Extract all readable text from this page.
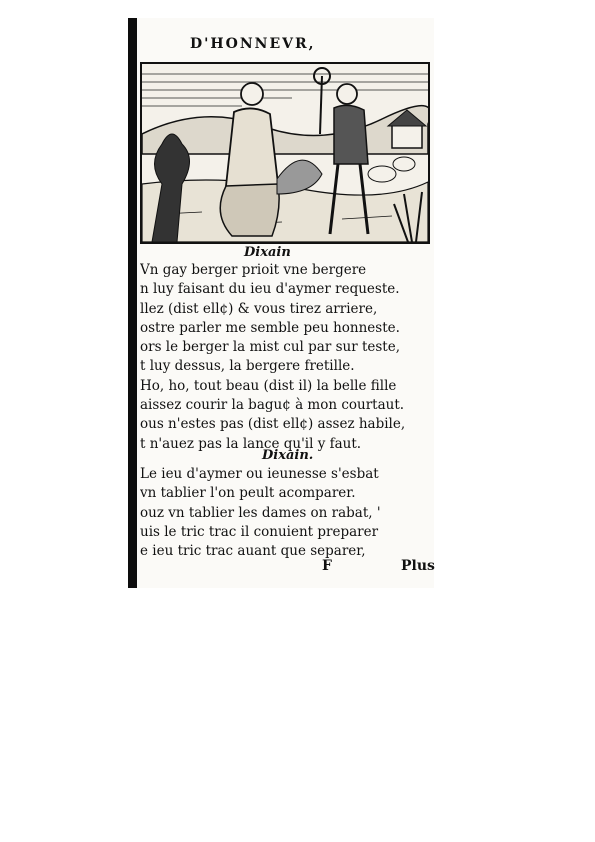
D'HONNEVR,
Dixain
Vn gay berger prioit vne bergere
n luy faisant du ieu d'aymer requeste.
llez (dist ell¢) & vous tirez arriere,
ostre parler me semble peu honneste.
ors le berger la mist cul par sur teste,
t luy dessus, la bergere fretille.
Ho, ho, tout beau (dist il) la belle fille
aissez courir la bagu¢ à mon courtaut.
ous n'estes pas (dist ell¢) assez habile,
t n'auez pas la lance qu'il y faut.
Dixain.
Le ieu d'aymer ou ieunesse s'esbat
vn tablier l'on peult acomparer.
ouz vn tablier les dames on rabat, '
uis le tric trac il conuient preparer
e ieu tric trac auant que separer,
F	Plus
